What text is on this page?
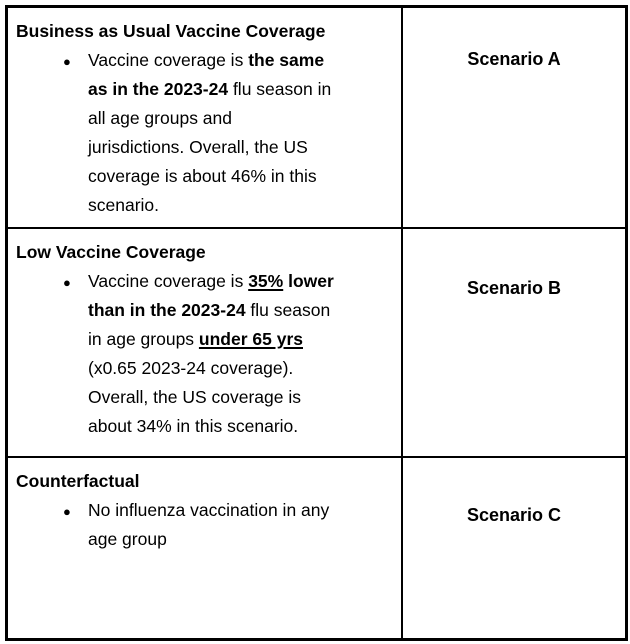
Business as Usual Vaccine Coverage
● Vaccine coverage is the same
as in the 2023-24 flu season in
all age groups and
jurisdictions. Overall, the US
coverage is about 46% in this
scenario.
Scenario A
Low Vaccine Coverage
● Vaccine coverage is 35% lower
than in the 2023-24 flu season
in age groups under 65 yrs
(x0.65 2023-24 coverage).
Overall, the US coverage is
about 34% in this scenario.
Scenario B
Counterfactual
● No influenza vaccination in any
age group
Scenario C
